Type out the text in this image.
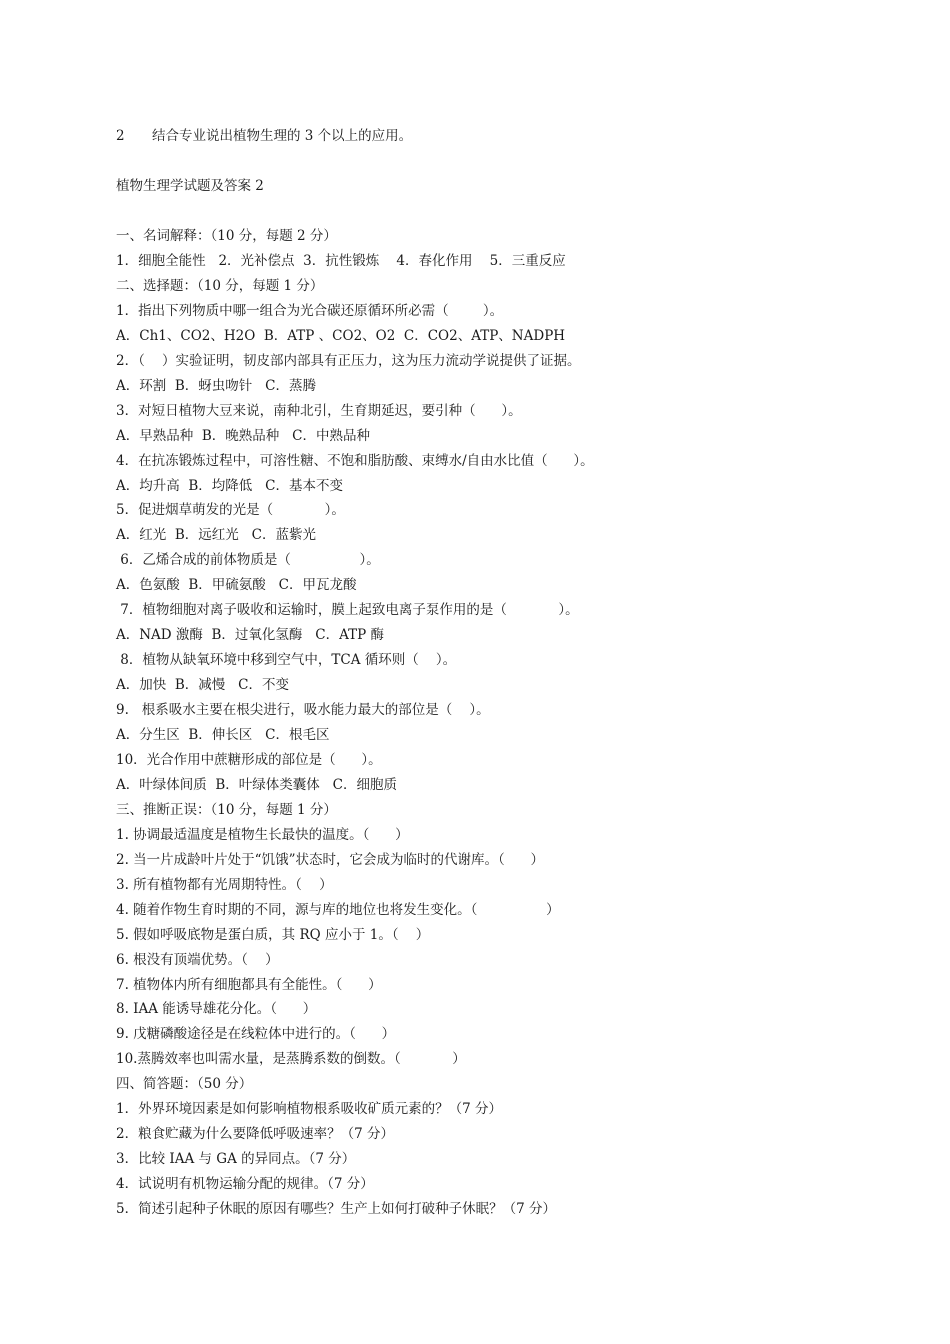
2 结合专业说出植物生理的 3 个以上的应用。
植物生理学试题及答案 2
一、名词解释：（10 分，每题 2 分）
1．细胞全能性   2．光补偿点  3．抗性锻炼    4．春化作用    5．三重反应
二、选择题：（10 分，每题 1 分）
1．指出下列物质中哪一组合为光合碳还原循环所必需（        ）。
A．Ch1、CO2、H2O  B．ATP 、CO2、O2  C．CO2、ATP、NADPH
2．（    ）实验证明，韧皮部内部具有正压力，这为压力流动学说提供了证据。
A．环割  B．蚜虫吻针   C．蒸腾
3．对短日植物大豆来说，南种北引，生育期延迟，要引种（      ）。
A．早熟品种  B．晚熟品种   C．中熟品种
4．在抗冻锻炼过程中，可溶性糖、不饱和脂肪酸、束缚水/自由水比值（      ）。
A．均升高  B．均降低   C．基本不变
5．促进烟草萌发的光是（            ）。
A．红光  B．远红光   C．蓝紫光
6．乙烯合成的前体物质是（                ）。
A．色氨酸  B．甲硫氨酸   C．甲瓦龙酸
7．植物细胞对离子吸收和运输时，膜上起致电离子泵作用的是（            ）。
A．NAD 激酶  B．过氧化氢酶   C．ATP 酶
8．植物从缺氧环境中移到空气中，TCA 循环则（    ）。
A．加快  B．减慢   C．不变
9.   根系吸水主要在根尖进行，吸水能力最大的部位是（    ）。
A．分生区  B．伸长区   C．根毛区
10．光合作用中蔗糖形成的部位是（      ）。
A．叶绿体间质  B．叶绿体类囊体   C．细胞质
三、推断正误：（10 分，每题 1 分）
1. 协调最适温度是植物生长最快的温度。（      ）
2. 当一片成龄叶片处于“饥饿”状态时，它会成为临时的代谢库。（      ）
3. 所有植物都有光周期特性。（    ）
4. 随着作物生育时期的不同，源与库的地位也将发生变化。（                ）
5. 假如呼吸底物是蛋白质，其 RQ 应小于 1。（    ）
6. 根没有顶端优势。（    ）
7. 植物体内所有细胞都具有全能性。（      ）
8. IAA 能诱导雄花分化。（      ）
9. 戊糖磷酸途径是在线粒体中进行的。（      ）
10.蒸腾效率也叫需水量，是蒸腾系数的倒数。（            ）
四、简答题：（50 分）
1．外界环境因素是如何影响植物根系吸收矿质元素的？（7 分）
2．粮食贮藏为什么要降低呼吸速率？（7 分）
3．比较 IAA 与 GA 的异同点。（7 分）
4．试说明有机物运输分配的规律。（7 分）
5．简述引起种子休眠的原因有哪些？生产上如何打破种子休眠？（7 分）
